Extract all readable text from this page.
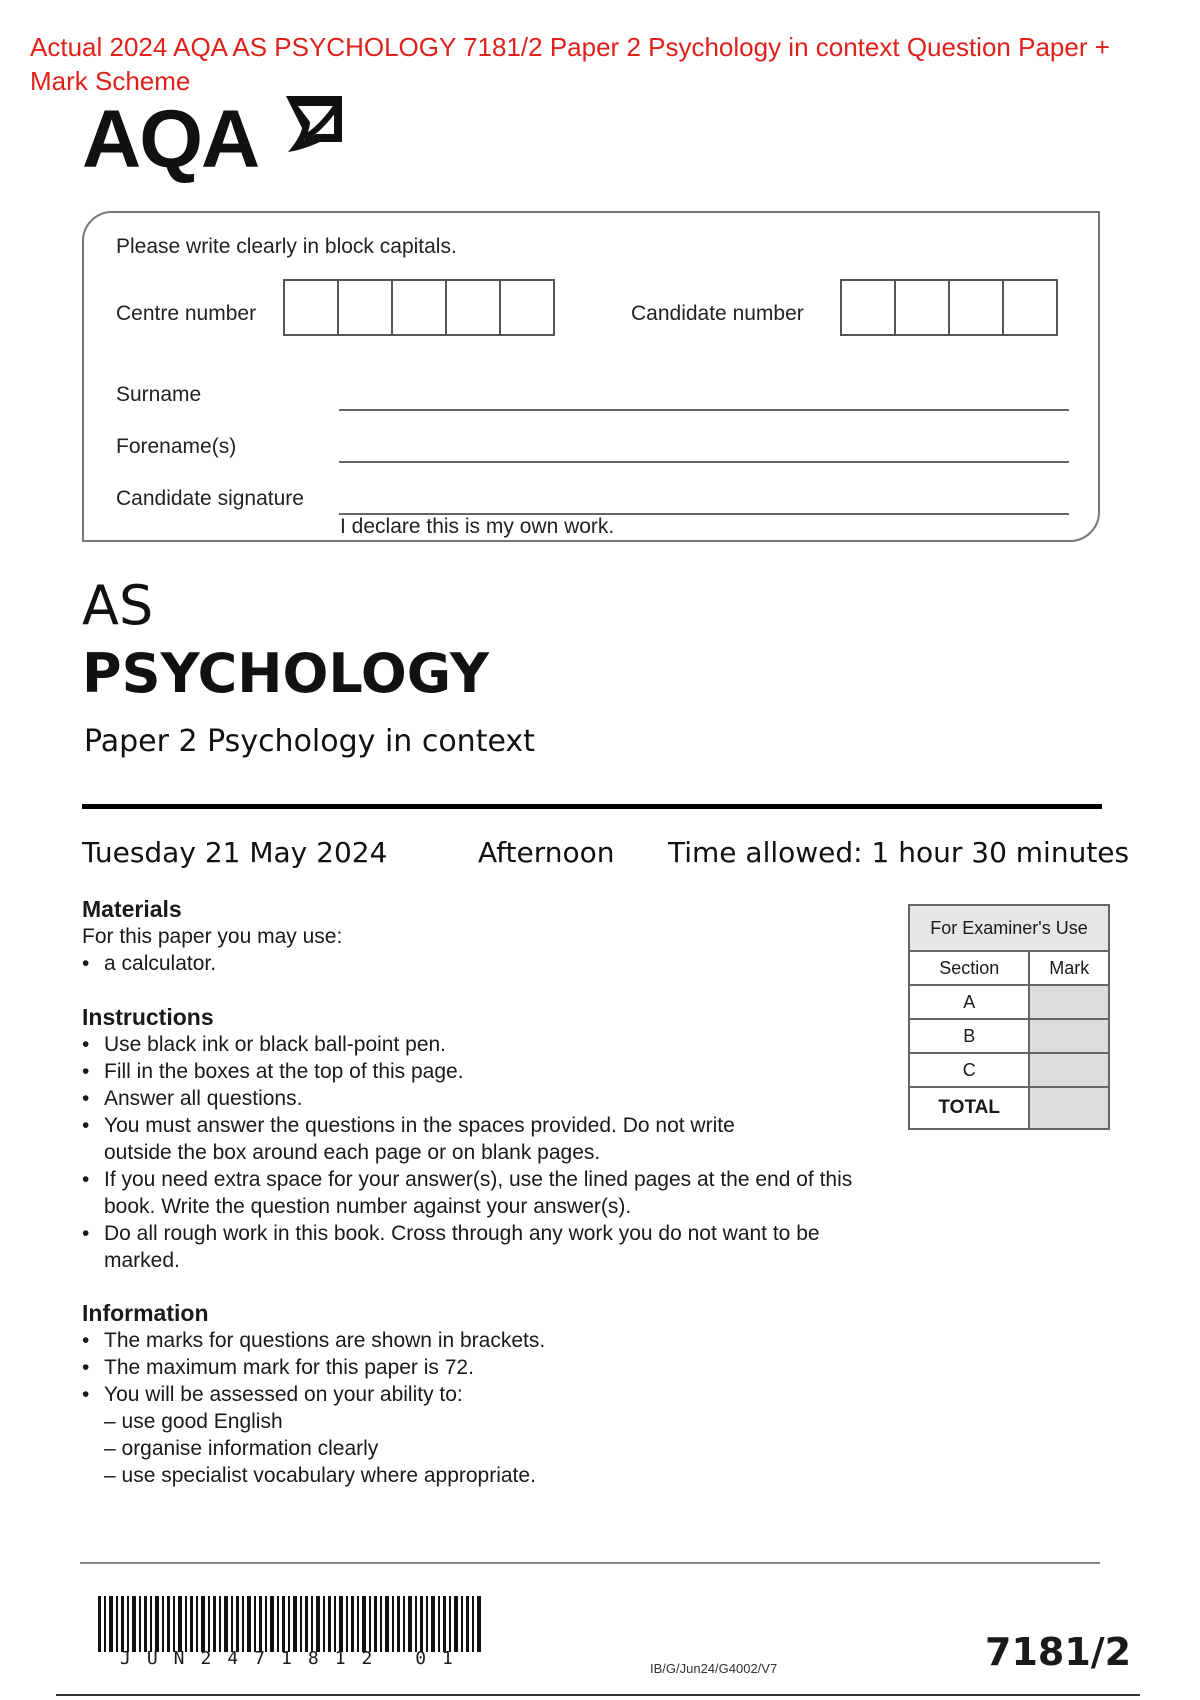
Actual 2024 AQA AS PSYCHOLOGY 7181/2 Paper 2 Psychology in context Question Paper + Mark Scheme
AQA
Please write clearly in block capitals.
Centre number	Candidate number
Surname
Forename(s)
Candidate signature
I declare this is my own work.
AS
PSYCHOLOGY
Paper 2 Psychology in context
Tuesday 21 May 2024	Afternoon Time allowed: 1 hour 30 minutes
Materials
For this paper you may use:
• a calculator.
Instructions
• Use black ink or black ball-point pen.
• Fill in the boxes at the top of this page.
• Answer all questions.
• You must answer the questions in the spaces provided. Do not write outside the box around each page or on blank pages.
• If you need extra space for your answer(s), use the lined pages at the end of this book. Write the question number against your answer(s).
• Do all rough work in this book. Cross through any work you do not want to be marked.
Information
• The marks for questions are shown in brackets.
• The maximum mark for this paper is 72.
• You will be assessed on your ability to:
– use good English
– organise information clearly
– use specialist vocabulary where appropriate.
For Examiner's Use	
Section	Mark
A	
B	
C	
TOTAL	
JUN2471812 01	IB/G/Jun24/G4002/V7	7181/2
